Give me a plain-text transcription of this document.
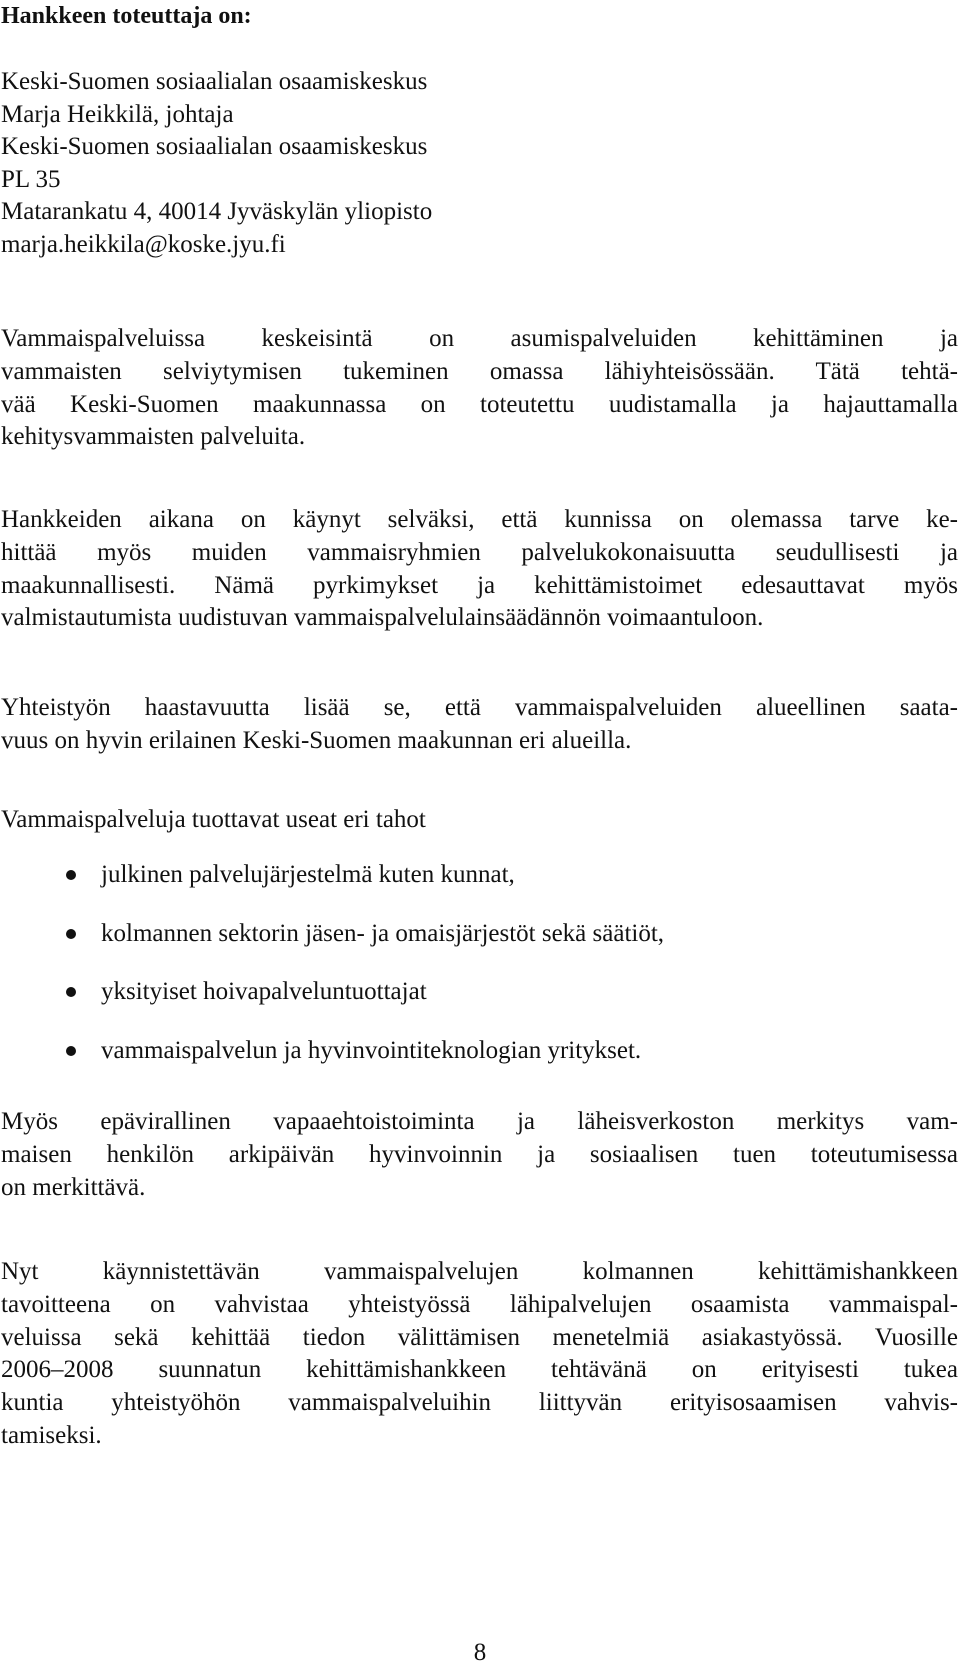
Hankkeen toteuttaja on:
Keski-Suomen sosiaalialan osaamiskeskus
Marja Heikkilä, johtaja
Keski-Suomen sosiaalialan osaamiskeskus
PL 35
Matarankatu 4, 40014 Jyväskylän yliopisto
marja.heikkila@koske.jyu.fi
Vammaispalveluissa keskeisintä on asumispalveluiden kehittäminen ja
vammaisten selviytymisen tukeminen omassa lähiyhteisössään. Tätä tehtä-
vää Keski-Suomen maakunnassa on toteutettu uudistamalla ja hajauttamalla
kehitysvammaisten palveluita.
Hankkeiden aikana on käynyt selväksi, että kunnissa on olemassa tarve ke-
hittää myös muiden vammaisryhmien palvelukokonaisuutta seudullisesti ja
maakunnallisesti. Nämä pyrkimykset ja kehittämistoimet edesauttavat myös
valmistautumista uudistuvan vammaispalvelulainsäädännön voimaantuloon.
Yhteistyön haastavuutta lisää se, että vammaispalveluiden alueellinen saata-
vuus on hyvin erilainen Keski-Suomen maakunnan eri alueilla.
Vammaispalveluja tuottavat useat eri tahot
julkinen palvelujärjestelmä kuten kunnat,
kolmannen sektorin jäsen- ja omaisjärjestöt sekä säätiöt,
yksityiset hoivapalveluntuottajat
vammaispalvelun ja hyvinvointiteknologian yritykset.
Myös epävirallinen vapaaehtoistoiminta ja läheisverkoston merkitys vam-
maisen henkilön arkipäivän hyvinvoinnin ja sosiaalisen tuen toteutumisessa
on merkittävä.
Nyt käynnistettävän vammaispalvelujen kolmannen kehittämishankkeen
tavoitteena on vahvistaa yhteistyössä lähipalvelujen osaamista vammaispal-
veluissa sekä kehittää tiedon välittämisen menetelmiä asiakastyössä. Vuosille
2006–2008 suunnatun kehittämishankkeen tehtävänä on erityisesti tukea
kuntia yhteistyöhön vammaispalveluihin liittyvän erityisosaamisen vahvis-
tamiseksi.
8
